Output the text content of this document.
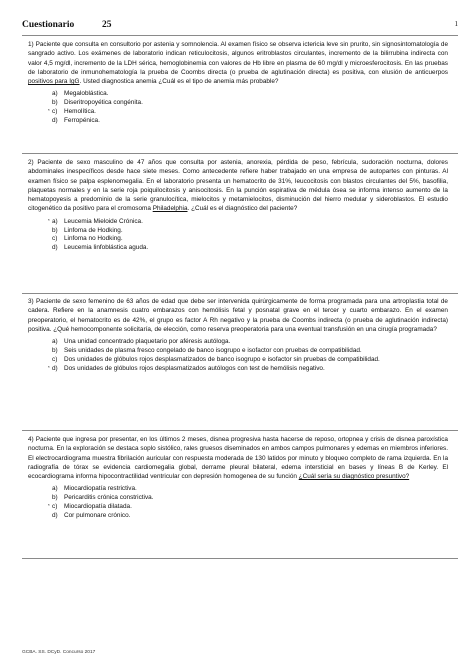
Cuestionario	25	1

1) Paciente que consulta en consultorio por astenia y somnolencia. Al examen físico se observa ictericia leve sin prurito, sin signosintomatología de sangrado activo. Los exámenes de laboratorio indican reticulocitosis, algunos eritroblastos circulantes, incremento de la bilirrubina indirecta con valor 4,5 mg/dl, incremento de la LDH sérica, hemoglobinemia con valores de Hb libre en plasma de 60 mg/dl y microesferocitosis. En las pruebas de laboratorio de inmunohematología la prueba de Coombs directa (o prueba de aglutinación directa) es positiva, con elusión de anticuerpos positivos para IgG. Usted diagnostica anemia ¿Cuál es el tipo de anemia más probable?

a) Megaloblástica.
b) Diseritropoyética congénita.
* c) Hemolítica.
d) Ferropénica.

2) Paciente de sexo masculino de 47 años que consulta por astenia, anorexia, pérdida de peso, febrícula, sudoración nocturna, dolores abdominales inespecíficos desde hace siete meses. Como antecedente refiere haber trabajado en una empresa de autopartes con pinturas. Al examen físico se palpa esplenomegalia. En el laboratorio presenta un hematocrito de 31%, leucocitosis con blastos circulantes del 5%, basofilia, plaquetas normales y en la serie roja poiquilocitosis y anisocitosis. En la punción espirativa de médula ósea se informa intenso aumento de la hematopoyesis a predominio de la serie granulocítica, mielocitos y metamielocitos, disminución del hierro medular y sideroblastos. El estudio citogenético da positivo para el cromosoma Philadelphia. ¿Cuál es el diagnóstico del paciente?

* a) Leucemia Mieloide Crónica.
b) Linfoma de Hodking.
c) Linfoma no Hodking.
d) Leucemia linfoblástica aguda.

3) Paciente de sexo femenino de 63 años de edad que debe ser intervenida quirúrgicamente de forma programada para una artroplastia total de cadera. Refiere en la anamnesis cuatro embarazos con hemólisis fetal y posnatal grave en el tercer y cuarto embarazo. En el examen preoperatorio, el hematocrito es de 42%, el grupo es factor A Rh negativo y la prueba de Coombs indirecta (o prueba de aglutinación indirecta) positiva. ¿Qué hemocomponente solicitaría, de elección, como reserva preoperatoria para una eventual transfusión en una cirugía programada?

a) Una unidad concentrado plaquetario por aféresis autóloga.
b) Seis unidades de plasma fresco congelado de banco isogrupo e isofactor con pruebas de compatibilidad.
c) Dos unidades de glóbulos rojos desplasmatizados de banco isogrupo e isofactor sin pruebas de compatibilidad.
* d) Dos unidades de glóbulos rojos desplasmatizados autólogos con test de hemólisis negativo.

4) Paciente que ingresa por presentar, en los últimos 2 meses, disnea progresiva hasta hacerse de reposo, ortopnea y crisis de disnea paroxística nocturna. En la exploración se destaca soplo sistólico, rales gruesos diseminados en ambos campos pulmonares y edemas en miembros inferiores. El electrocardiograma muestra fibrilación auricular con respuesta moderada de 130 latidos por minuto y bloqueo completo de rama izquierda. En la radiografía de tórax se evidencia cardiomegalia global, derrame pleural bilateral, edema intersticial en bases y líneas B de Kerley. El ecocardiograma informa hipocontractilidad ventricular con depresión homogenea de su función ¿Cuál sería su diagnóstico presuntivo?

a) Miocardiopatía restrictiva.
b) Pericarditis crónica constrictiva.
* c) Miocardiopatía dilatada.
d) Cor pulmonare crónico.
GCBA. SS. DCyD. Concurso 2017
